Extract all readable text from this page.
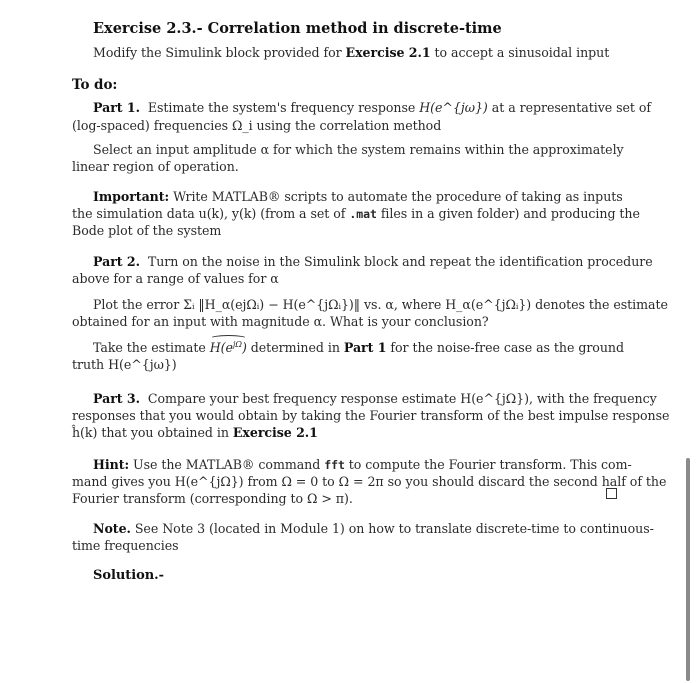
Exercise 2.3.- Correlation method in discrete-time
Modify the Simulink block provided for Exercise 2.1 to accept a sinusoidal input
To do:
Part 1. Estimate the system's frequency response H(e^{jω}) at a representative set of
(log-spaced) frequencies Ω_i using the correlation method
Select an input amplitude α for which the system remains within the approximately
linear region of operation.
Important: Write MATLAB® scripts to automate the procedure of taking as inputs
the simulation data u(k), y(k) (from a set of .mat files in a given folder) and producing the
Bode plot of the system
Part 2. Turn on the noise in the Simulink block and repeat the identification procedure
above for a range of values for α
Plot the error Σᵢ ‖H_α(ejΩᵢ) − H(e^{jΩᵢ})‖ vs. α, where H_α(e^{jΩᵢ}) denotes the estimate
obtained for an input with magnitude α. What is your conclusion?
Take the estimate $H(e^{j\Omega})$ determined in Part 1 for the noise-free case as the ground
truth H(e^{jω})
Part 3. Compare your best frequency response estimate H(e^{jΩ}), with the frequency
responses that you would obtain by taking the Fourier transform of the best impulse response
ĥ(k) that you obtained in Exercise 2.1
Hint: Use the MATLAB® command fft to compute the Fourier transform. This com-
mand gives you H(e^{jΩ}) from Ω = 0 to Ω = 2π so you should discard the second half of the
Fourier transform (corresponding to Ω > π).
Note. See Note 3 (located in Module 1) on how to translate discrete-time to continuous-
time frequencies
Solution.-
